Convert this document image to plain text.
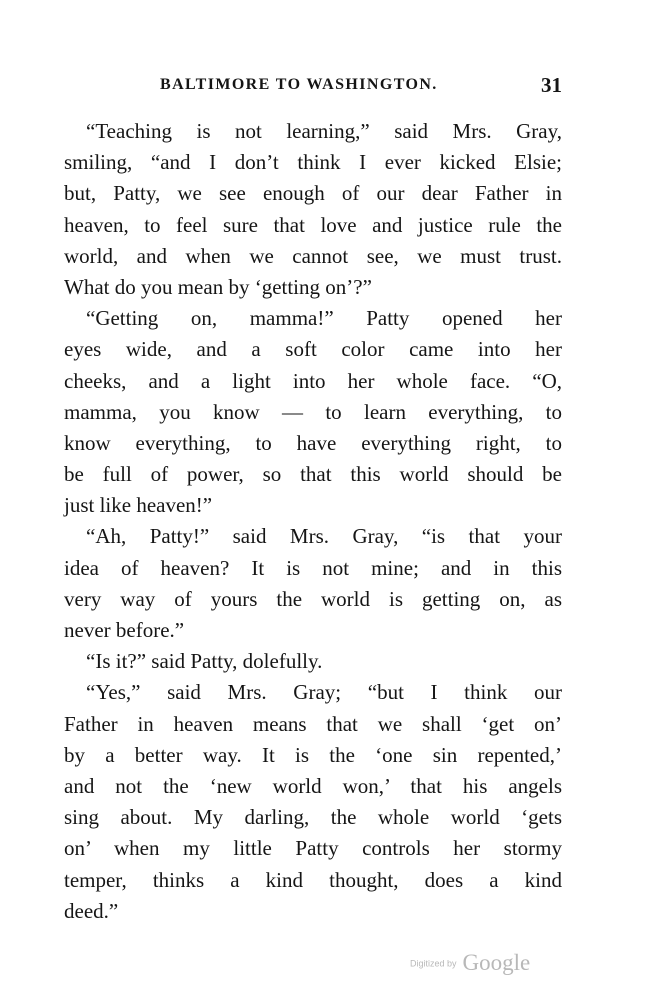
BALTIMORE TO WASHINGTON.	31
“Teaching is not learning,” said Mrs. Gray,
smiling, “and I don’t think I ever kicked Elsie;
but, Patty, we see enough of our dear Father in
heaven, to feel sure that love and justice rule the
world, and when we cannot see, we must trust.
What do you mean by ‘getting on’?”
“Getting on, mamma!” Patty opened her
eyes wide, and a soft color came into her
cheeks, and a light into her whole face. “O,
mamma, you know — to learn everything, to
know everything, to have everything right, to
be full of power, so that this world should be
just like heaven!”
“Ah, Patty!” said Mrs. Gray, “is that your
idea of heaven? It is not mine; and in this
very way of yours the world is getting on, as
never before.”
“Is it?” said Patty, dolefully.
“Yes,” said Mrs. Gray; “but I think our
Father in heaven means that we shall ‘get on’
by a better way. It is the ‘one sin repented,’
and not the ‘new world won,’ that his angels
sing about. My darling, the whole world ‘gets
on’ when my little Patty controls her stormy
temper, thinks a kind thought, does a kind
deed.”
Digitized by Google
